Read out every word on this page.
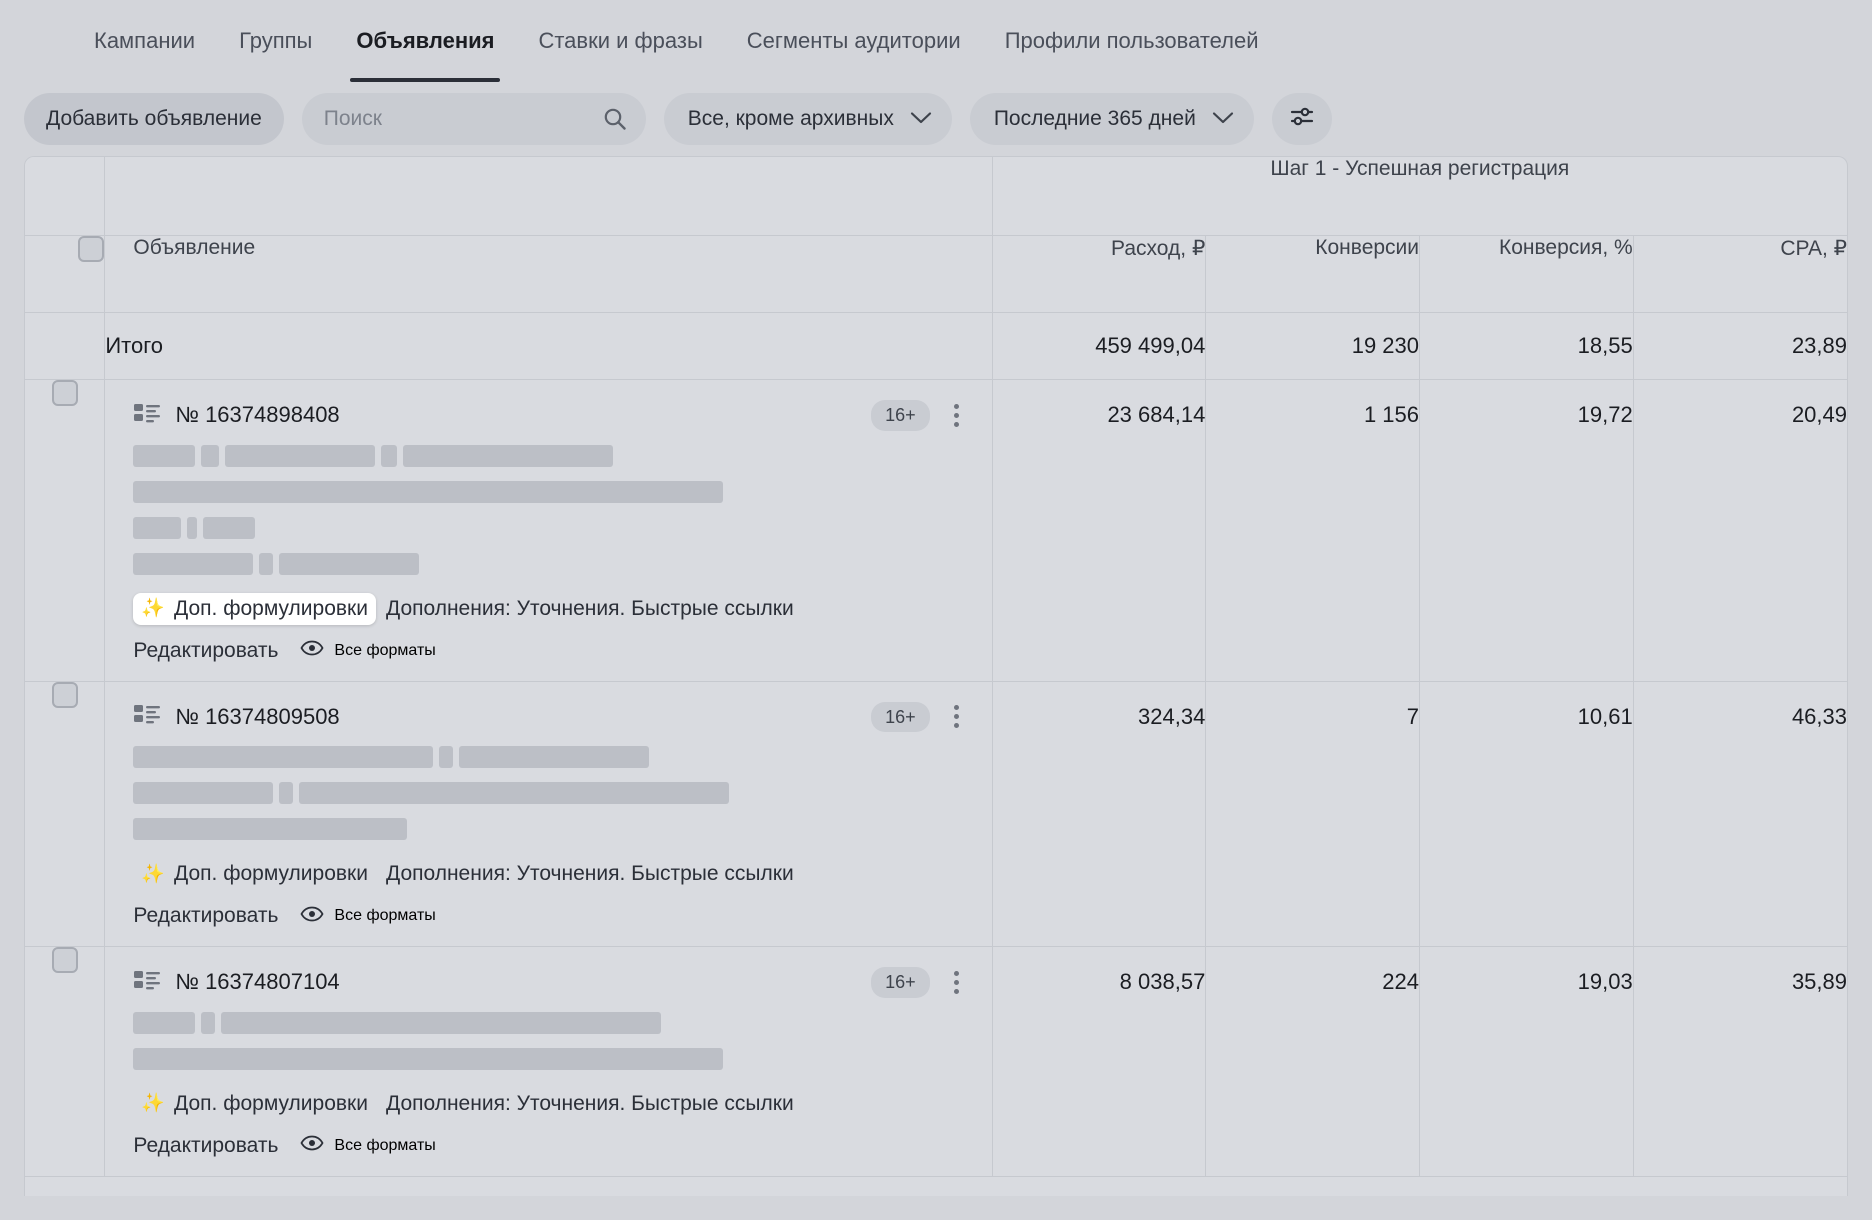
Кампании Группы Объявления Ставки и фразы Сегменты аудитории Профили пользователей
Добавить объявление	Поиск	Все, кроме архивных	Последние 365 дней
		Шаг 1 - Успешная регистрация			
	Объявление	Расход, ₽	Конверсии	Конверсия, %	CPA, ₽
	Итого	459 499,04	19 230	18,55	23,89

№ 16374898408	16+
✨ Доп. формулировки Дополнения: Уточнения. Быстрые ссылки
Редактировать	Все форматы
	23 684,14	1 156	19,72	20,49

№ 16374809508	16+
✨ Доп. формулировки Дополнения: Уточнения. Быстрые ссылки
Редактировать	Все форматы
	324,34	7	10,61	46,33

№ 16374807104	16+
✨ Доп. формулировки Дополнения: Уточнения. Быстрые ссылки
Редактировать	Все форматы
	8 038,57	224	19,03	35,89
